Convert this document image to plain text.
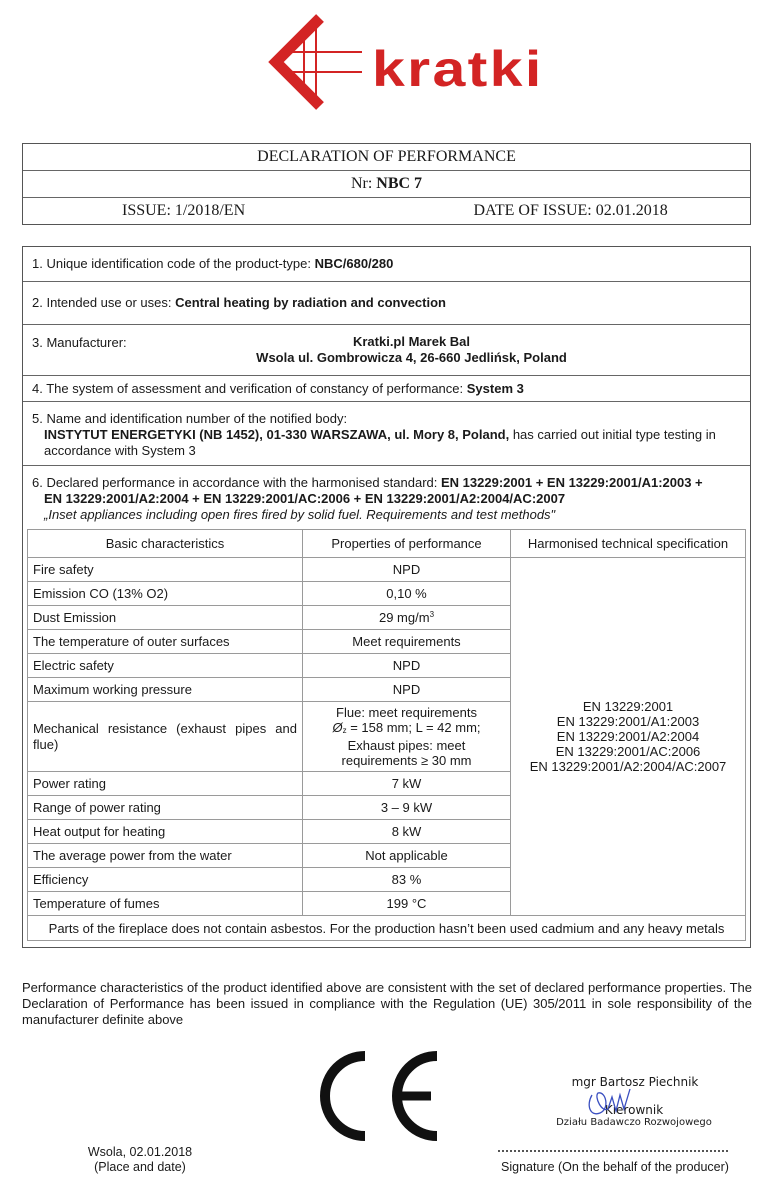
kratki
DECLARATION OF PERFORMANCE
Nr: NBC 7
ISSUE: 1/2018/EN	DATE OF ISSUE: 02.01.2018
1. Unique identification code of the product-type: NBC/680/280
2. Intended use or uses: Central heating by radiation and convection
3. Manufacturer:	Kratki.pl Marek Bal
Wsola ul. Gombrowicza 4, 26-660 Jedlińsk, Poland
4. The system of assessment and verification of constancy of performance: System 3
5. Name and identification number of the notified body:
INSTYTUT ENERGETYKI (NB 1452), 01-330 WARSZAWA, ul. Mory 8, Poland, has carried out initial type testing in
accordance with System 3
6. Declared performance in accordance with the harmonised standard: EN 13229:2001 + EN 13229:2001/A1:2003 +
EN 13229:2001/A2:2004 + EN 13229:2001/AC:2006 + EN 13229:2001/A2:2004/AC:2007
„Inset appliances including open fires fired by solid fuel. Requirements and test methods"
Basic characteristics	Properties of performance	Harmonised technical specification
Fire safety	NPD	EN 13229:2001
EN 13229:2001/A1:2003
EN 13229:2001/A2:2004
EN 13229:2001/AC:2006
EN 13229:2001/A2:2004/AC:2007

Emission CO (13% O2)	0,10 %	
Dust Emission	29 $mg/m^3$
The temperature of outer surfaces	Meet requirements	
Electric safety	NPD	
Maximum working pressure	NPD	
Mechanical resistance (exhaust pipes and flue)	Flue: meet requirements
$Ø_z = 158$ mm; L = 42 mm;
Exhaust pipes: meet
requirements ≥ 30 mm	

Power rating	7 kW	
Range of power rating	3 – 9 kW	
Heat output for heating	8 kW	
The average power from the water	Not applicable	
Efficiency	83 %	
Temperature of fumes	199 °C	
Parts of the fireplace does not contain asbestos. For the production hasn’t been used cadmium and any heavy metals		
Performance characteristics of the product identified above are consistent with the set of declared performance properties. The Declaration of Performance has been issued in compliance with the Regulation (UE) 305/2011 in sole responsibility of the manufacturer definite above
Wsola, 02.01.2018
(Place and date)
mgr Bartosz Piechnik
Kierownik
Działu Badawczo Rozwojowego
Signature (On the behalf of the producer)
